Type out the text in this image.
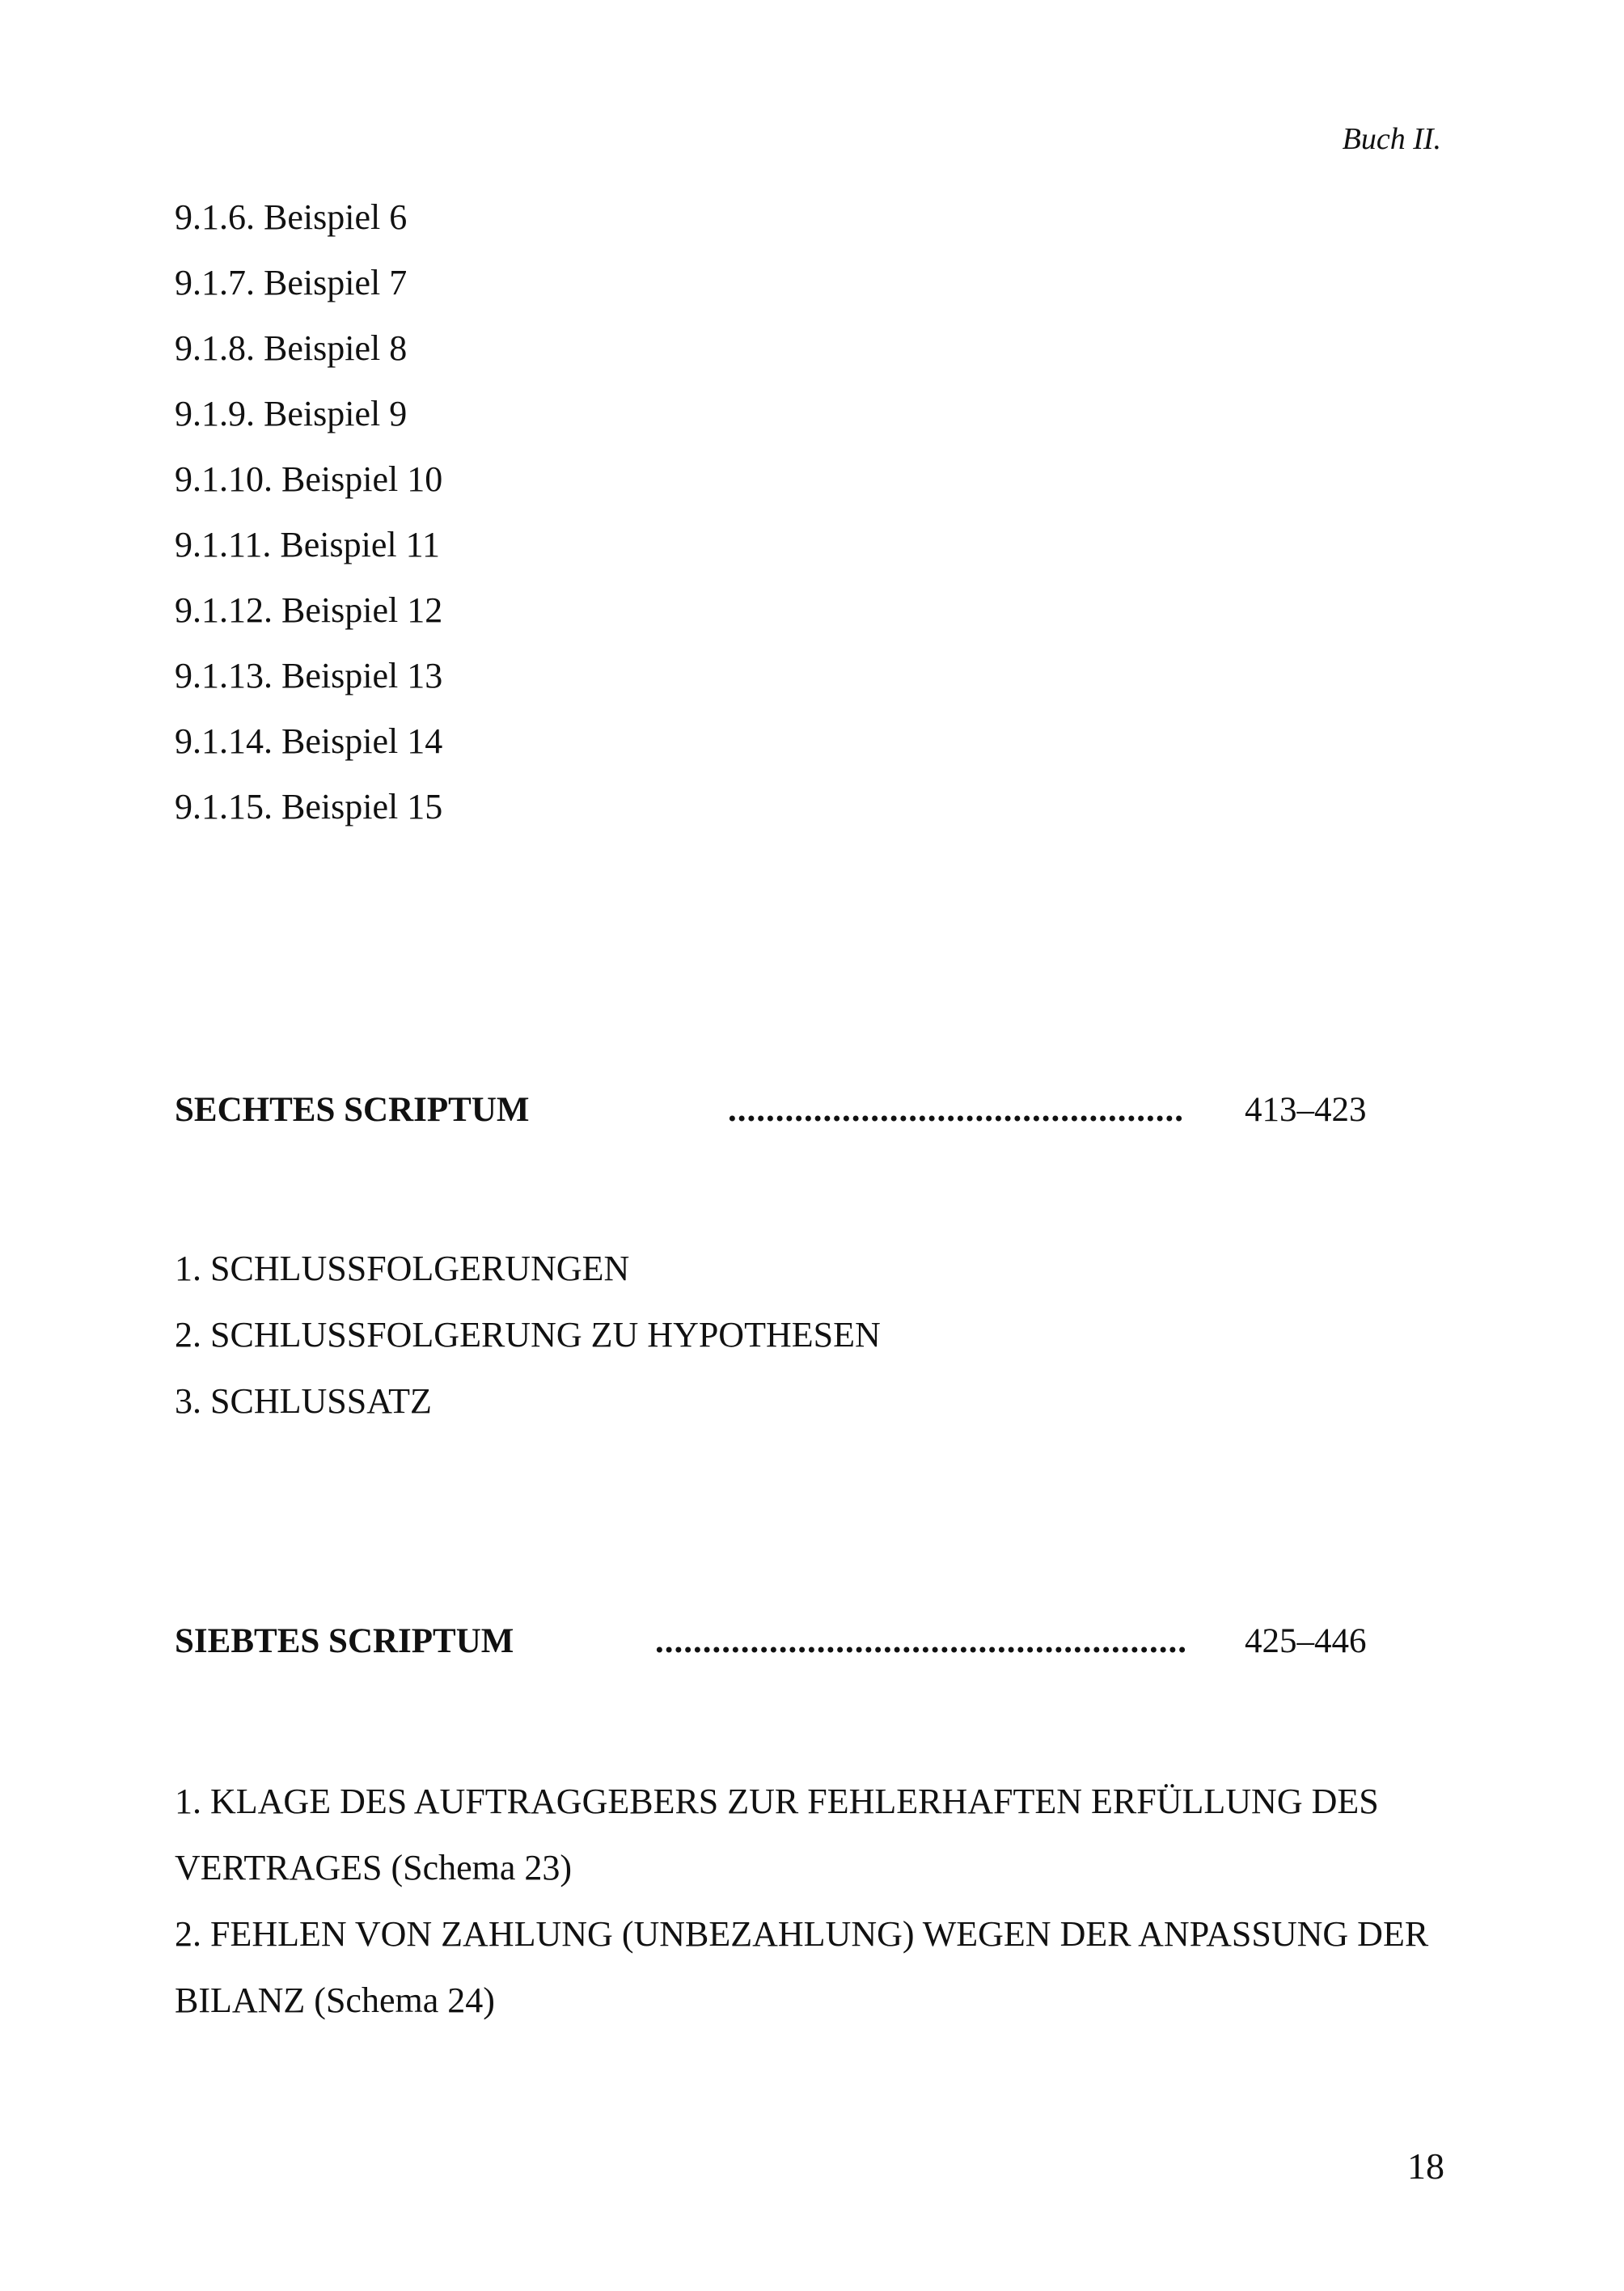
Buch II.
9.1.6. Beispiel 6
9.1.7. Beispiel 7
9.1.8. Beispiel 8
9.1.9. Beispiel 9
9.1.10. Beispiel 10
9.1.11. Beispiel 11
9.1.12. Beispiel 12
9.1.13. Beispiel 13
9.1.14. Beispiel 14
9.1.15. Beispiel 15
SECHTES SCRIPTUM	................................................ 413–423
1. SCHLUSSFOLGERUNGEN
2. SCHLUSSFOLGERUNG ZU HYPOTHESEN
3. SCHLUSSATZ
SIEBTES SCRIPTUM	........................................................ 425–446
1. KLAGE DES AUFTRAGGEBERS ZUR FEHLERHAFTEN ERFÜLLUNG DES VERTRAGES (Schema 23)
2. FEHLEN VON ZAHLUNG (UNBEZAHLUNG) WEGEN DER ANPASSUNG DER BILANZ (Schema 24)
18
